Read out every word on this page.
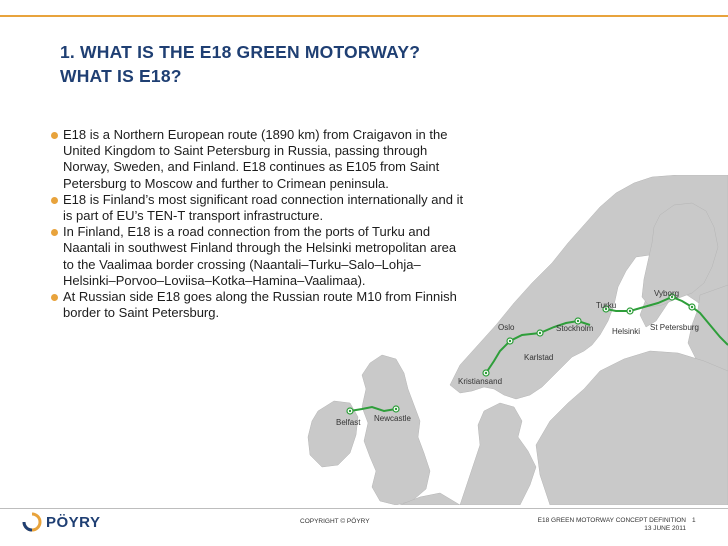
1. WHAT IS THE E18 GREEN MOTORWAY?
WHAT IS E18?
E18 is a Northern European route (1890 km) from Craigavon in the United Kingdom to Saint Petersburg in Russia, passing through Norway, Sweden, and Finland. E18 continues as E105 from Saint Petersburg to Moscow and further to Crimean peninsula.
E18 is Finland’s most significant road connection internationally and it is part of EU’s TEN-T transport infrastructure.
In Finland, E18 is a road connection from the ports of Turku and Naantali in southwest Finland through the Helsinki metropolitan area to the Vaalimaa border crossing (Naantali–Turku–Salo–Lohja–Helsinki–Porvoo–Loviisa–Kotka–Hamina–Vaalimaa).
At Russian side E18 goes along the Russian route M10 from Finnish border to Saint Petersburg.
Belfast Newcastle
Kristiansand
Oslo
Karlstad
Stockholm
Turku
Helsinki
Vyborg
St Petersburg
PÖYRY	COPYRIGHT © PÖYRY	E18 GREEN MOTORWAY CONCEPT DEFINITION
13 JUNE 2011
1
